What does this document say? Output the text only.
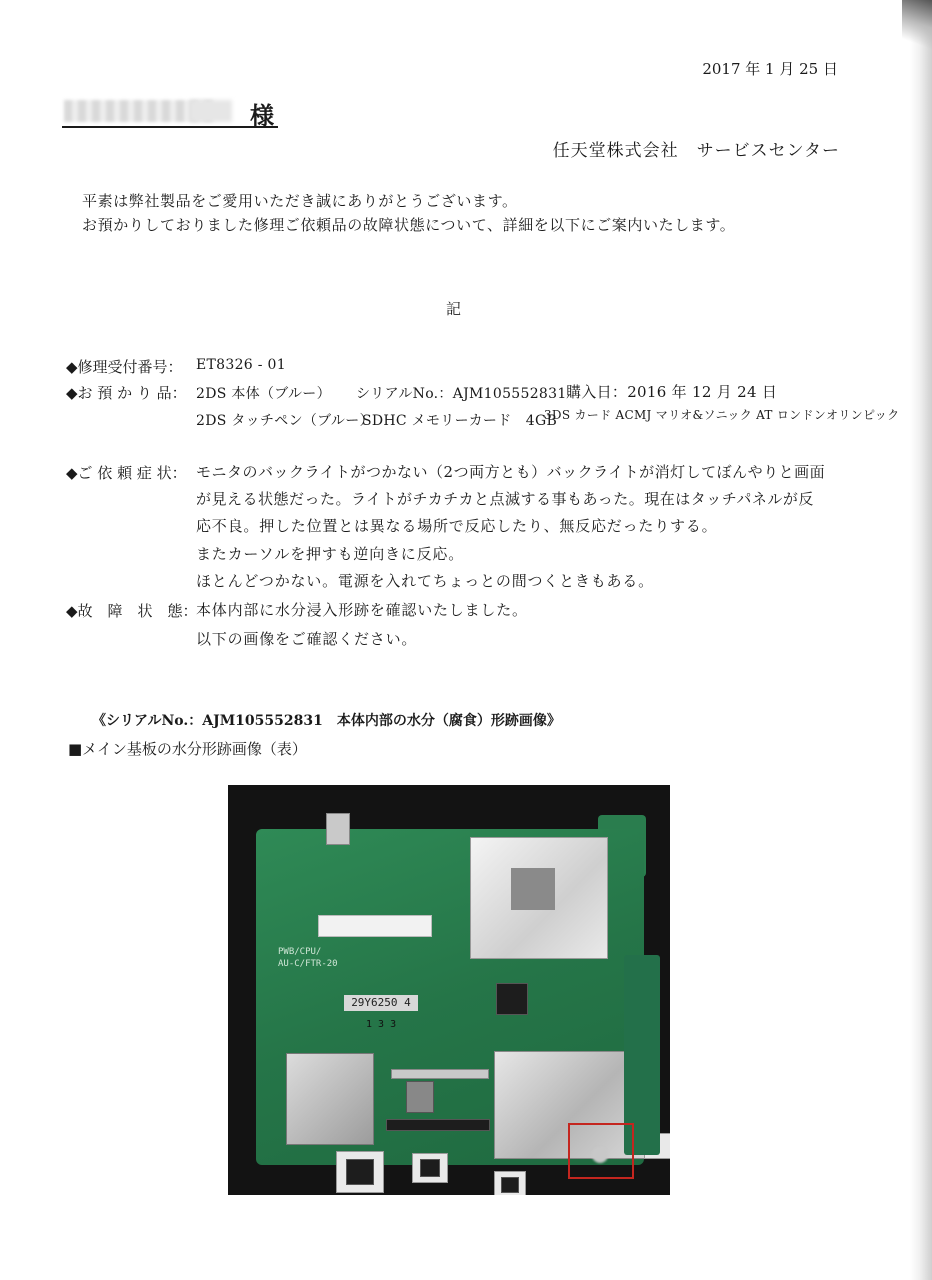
2017 年 1 月 25 日
様
任天堂株式会社　サービスセンター
平素は弊社製品をご愛用いただき誠にありがとうございます。
お預かりしておりました修理ご依頼品の故障状態について、詳細を以下にご案内いたします。
記
◆修理受付番号： ET8326 - 01
◆お 預 か り 品： 2DS 本体（ブルー） シリアルNo.：AJM105552831 購入日：2016 年 12 月 24 日
2DS タッチペン（ブルー）
SDHC メモリーカード　4GB
3DS カード ACMJ マリオ&ソニック AT ロンドンオリンピック
◆ご 依 頼 症 状： モニタのバックライトがつかない（2つ両方とも）バックライトが消灯してぼんやりと画面
が見える状態だった。ライトがチカチカと点滅する事もあった。現在はタッチパネルが反
応不良。押した位置とは異なる場所で反応したり、無反応だったりする。
またカーソルを押すも逆向きに反応。
ほとんどつかない。電源を入れてちょっとの間つくときもある。
◆故　障　状　態：
本体内部に水分浸入形跡を確認いたしました。
以下の画像をご確認ください。
《シリアルNo.：AJM105552831　本体内部の水分（腐食）形跡画像》
■メイン基板の水分形跡画像（表）
PWB/CPU/
AU-C/FTR-20
29Y6250 4
1 3 3
